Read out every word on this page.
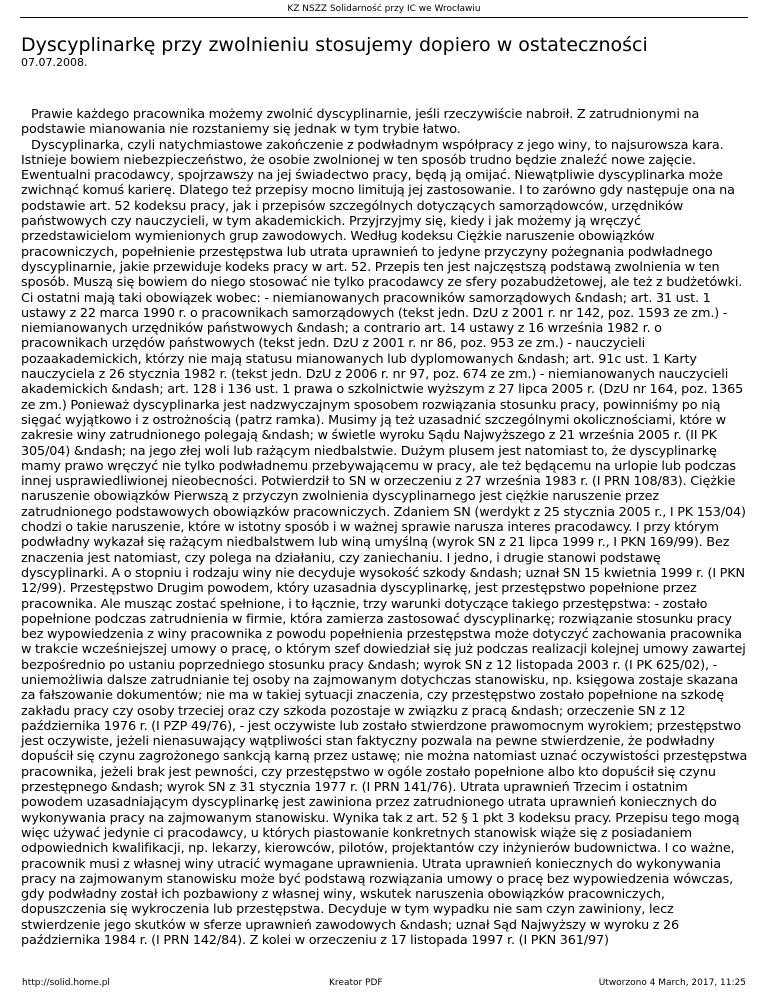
KZ NSZZ Solidarność przy IC we Wrocławiu
Dyscyplinarkę przy zwolnieniu stosujemy dopiero w ostateczności
07.07.2008.

Prawie każdego pracownika możemy zwolnić dyscyplinarnie, jeśli rzeczywiście nabroił. Z zatrudnionymi na podstawie mianowania nie rozstaniemy się jednak w tym trybie łatwo.

Dyscyplinarka, czyli natychmiastowe zakończenie z podwładnym współpracy z jego winy, to najsurowsza kara. Istnieje bowiem niebezpieczeństwo, że osobie zwolnionej w ten sposób trudno będzie znaleźć nowe zajęcie. Ewentualni pracodawcy, spojrzawszy na jej świadectwo pracy, będą ją omijać. Niewątpliwie dyscyplinarka może zwichnąć komuś karierę. Dlatego też przepisy mocno limitują jej zastosowanie. I to zarówno gdy następuje ona na podstawie art. 52 kodeksu pracy, jak i przepisów szczególnych dotyczących samorządowców, urzędników państwowych czy nauczycieli, w tym akademickich. Przyjrzyjmy się, kiedy i jak możemy ją wręczyć przedstawicielom wymienionych grup zawodowych. Według kodeksu Ciężkie naruszenie obowiązków pracowniczych, popełnienie przestępstwa lub utrata uprawnień to jedyne przyczyny pożegnania podwładnego dyscyplinarnie, jakie przewiduje kodeks pracy w art. 52. Przepis ten jest najczęstszą podstawą zwolnienia w ten sposób. Muszą się bowiem do niego stosować nie tylko pracodawcy ze sfery pozabudżetowej, ale też z budżetówki. Ci ostatni mają taki obowiązek wobec: - niemianowanych pracowników samorządowych &ndash; art. 31 ust. 1 ustawy z 22 marca 1990 r. o pracownikach samorządowych (tekst jedn. DzU z 2001 r. nr 142, poz. 1593 ze zm.) - niemianowanych urzędników państwowych &ndash; a contrario art. 14 ustawy z 16 września 1982 r. o pracownikach urzędów państwowych (tekst jedn. DzU z 2001 r. nr 86, poz. 953 ze zm.) - nauczycieli pozaakademickich, którzy nie mają statusu mianowanych lub dyplomowanych &ndash; art. 91c ust. 1 Karty nauczyciela z 26 stycznia 1982 r. (tekst jedn. DzU z 2006 r. nr 97, poz. 674 ze zm.) - niemianowanych nauczycieli akademickich &ndash; art. 128 i 136 ust. 1 prawa o szkolnictwie wyższym z 27 lipca 2005 r. (DzU nr 164, poz. 1365 ze zm.) Ponieważ dyscyplinarka jest nadzwyczajnym sposobem rozwiązania stosunku pracy, powinniśmy po nią sięgać wyjątkowo i z ostrożnością (patrz ramka). Musimy ją też uzasadnić szczególnymi okolicznościami, które w zakresie winy zatrudnionego polegają &ndash; w świetle wyroku Sądu Najwyższego z 21 września 2005 r. (II PK 305/04) &ndash; na jego złej woli lub rażącym niedbalstwie. Dużym plusem jest natomiast to, że dyscyplinarkę mamy prawo wręczyć nie tylko podwładnemu przebywającemu w pracy, ale też będącemu na urlopie lub podczas innej usprawiedliwionej nieobecności. Potwierdził to SN w orzeczeniu z 27 września 1983 r. (I PRN 108/83). Ciężkie naruszenie obowiązków Pierwszą z przyczyn zwolnienia dyscyplinarnego jest ciężkie naruszenie przez zatrudnionego podstawowych obowiązków pracowniczych. Zdaniem SN (werdykt z 25 stycznia 2005 r., I PK 153/04) chodzi o takie naruszenie, które w istotny sposób i w ważnej sprawie narusza interes pracodawcy. I przy którym podwładny wykazał się rażącym niedbalstwem lub winą umyślną (wyrok SN z 21 lipca 1999 r., I PKN 169/99). Bez znaczenia jest natomiast, czy polega na działaniu, czy zaniechaniu. I jedno, i drugie stanowi podstawę dyscyplinarki. A o stopniu i rodzaju winy nie decyduje wysokość szkody &ndash; uznał SN 15 kwietnia 1999 r. (I PKN 12/99). Przestępstwo Drugim powodem, który uzasadnia dyscyplinarkę, jest przestępstwo popełnione przez pracownika. Ale musząc zostać spełnione, i to łącznie, trzy warunki dotyczące takiego przestępstwa: - zostało popełnione podczas zatrudnienia w firmie, która zamierza zastosować dyscyplinarkę; rozwiązanie stosunku pracy bez wypowiedzenia z winy pracownika z powodu popełnienia przestępstwa może dotyczyć zachowania pracownika w trakcie wcześniejszej umowy o pracę, o którym szef dowiedział się już podczas realizacji kolejnej umowy zawartej bezpośrednio po ustaniu poprzedniego stosunku pracy &ndash; wyrok SN z 12 listopada 2003 r. (I PK 625/02), - uniemożliwia dalsze zatrudnianie tej osoby na zajmowanym dotychczas stanowisku, np. księgowa zostaje skazana za fałszowanie dokumentów; nie ma w takiej sytuacji znaczenia, czy przestępstwo zostało popełnione na szkodę zakładu pracy czy osoby trzeciej oraz czy szkoda pozostaje w związku z pracą &ndash; orzeczenie SN z 12 października 1976 r. (I PZP 49/76), - jest oczywiste lub zostało stwierdzone prawomocnym wyrokiem; przestępstwo jest oczywiste, jeżeli nienasuwający wątpliwości stan faktyczny pozwala na pewne stwierdzenie, że podwładny dopuścił się czynu zagrożonego sankcją karną przez ustawę; nie można natomiast uznać oczywistości przestępstwa pracownika, jeżeli brak jest pewności, czy przestępstwo w ogóle zostało popełnione albo kto dopuścił się czynu przestępnego &ndash; wyrok SN z 31 stycznia 1977 r. (I PRN 141/76). Utrata uprawnień Trzecim i ostatnim powodem uzasadniającym dyscyplinarkę jest zawiniona przez zatrudnionego utrata uprawnień koniecznych do wykonywania pracy na zajmowanym stanowisku. Wynika tak z art. 52 § 1 pkt 3 kodeksu pracy. Przepisu tego mogą więc używać jedynie ci pracodawcy, u których piastowanie konkretnych stanowisk wiąże się z posiadaniem odpowiednich kwalifikacji, np. lekarzy, kierowców, pilotów, projektantów czy inżynierów budownictwa. I co ważne, pracownik musi z własnej winy utracić wymagane uprawnienia. Utrata uprawnień koniecznych do wykonywania pracy na zajmowanym stanowisku może być podstawą rozwiązania umowy o pracę bez wypowiedzenia wówczas, gdy podwładny został ich pozbawiony z własnej winy, wskutek naruszenia obowiązków pracowniczych, dopuszczenia się wykroczenia lub przestępstwa. Decyduje w tym wypadku nie sam czyn zawiniony, lecz stwierdzenie jego skutków w sferze uprawnień zawodowych &ndash; uznał Sąd Najwyższy w wyroku z 26 października 1984 r. (I PRN 142/84). Z kolei w orzeczeniu z 17 listopada 1997 r. (I PKN 361/97)

http://solid.home.pl	Kreator PDF	Utworzono 4 March, 2017, 11:25
